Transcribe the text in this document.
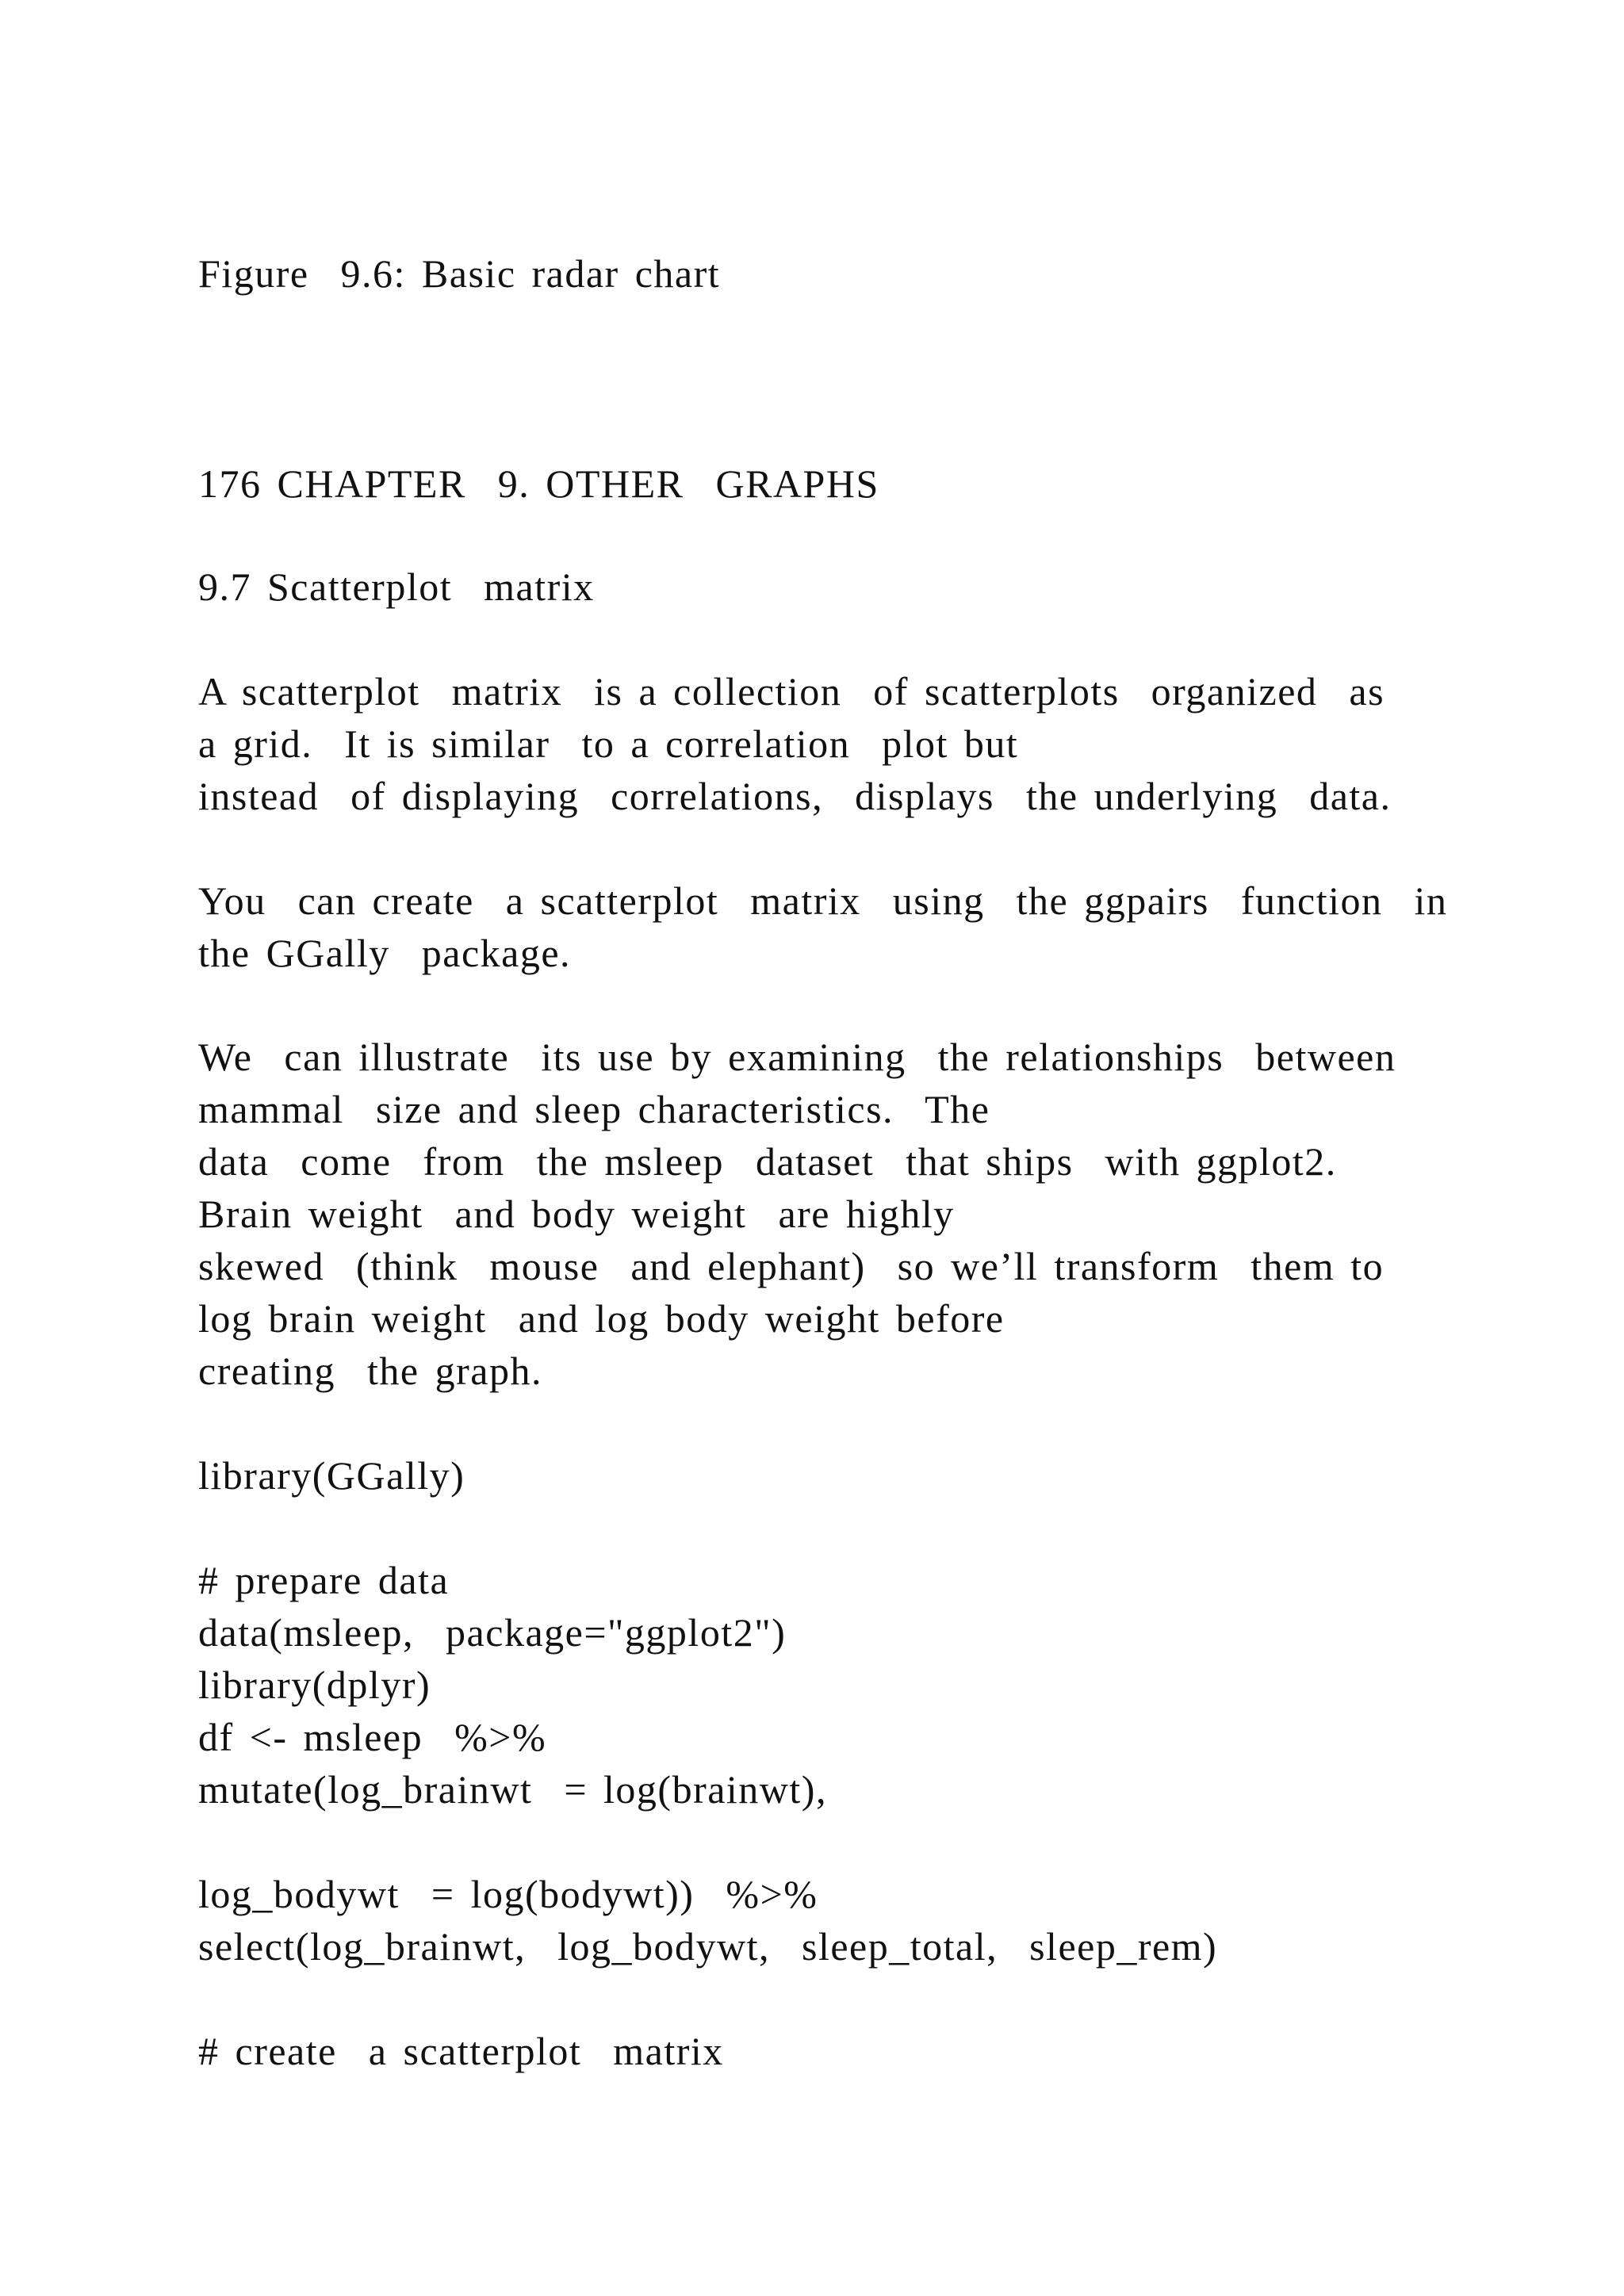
Figure  9.6: Basic radar chart

176 CHAPTER  9. OTHER  GRAPHS

9.7 Scatterplot  matrix

A scatterplot  matrix  is a collection  of scatterplots  organized  as

a grid.  It is similar  to a correlation  plot but

instead  of displaying  correlations,  displays  the underlying  data.

You  can create  a scatterplot  matrix  using  the ggpairs  function  in

the GGally  package.

We  can illustrate  its use by examining  the relationships  between

mammal  size and sleep characteristics.  The

data  come  from  the msleep  dataset  that ships  with ggplot2.

Brain weight  and body weight  are highly

skewed  (think  mouse  and elephant)  so we’ll transform  them to

log brain weight  and log body weight before

creating  the graph.

library(GGally)

# prepare data

data(msleep,  package="ggplot2")

library(dplyr)

df <- msleep  %>%

mutate(log_brainwt  = log(brainwt),

log_bodywt  = log(bodywt))  %>%

select(log_brainwt,  log_bodywt,  sleep_total,  sleep_rem)

# create  a scatterplot  matrix
